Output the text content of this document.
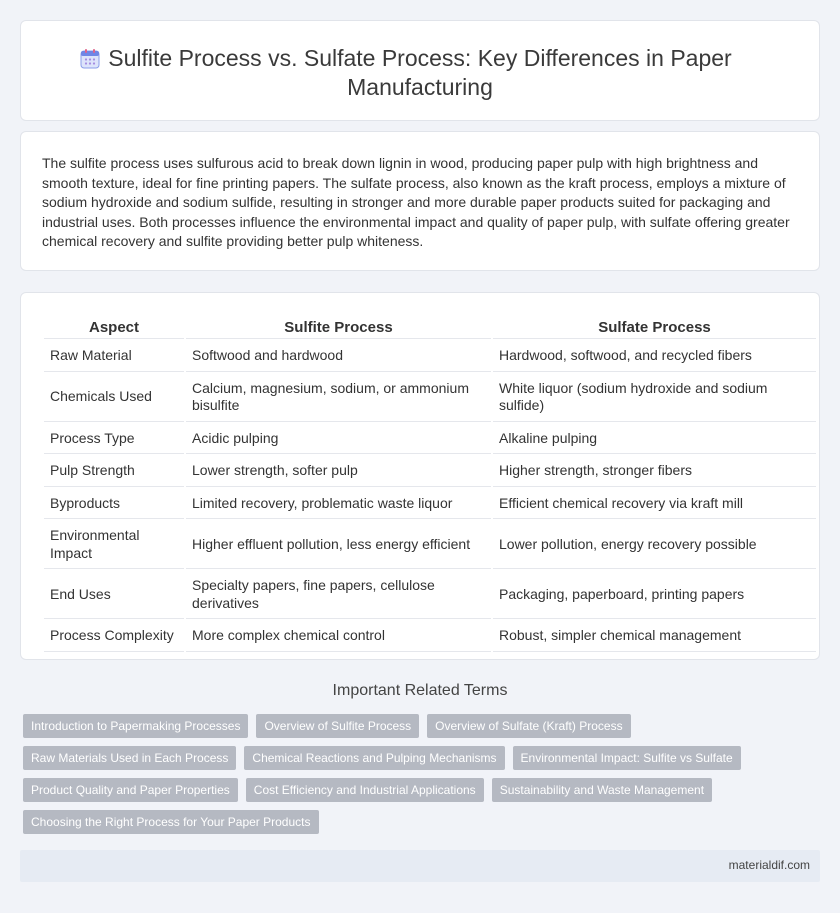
Sulfite Process vs. Sulfate Process: Key Differences in Paper Manufacturing

The sulfite process uses sulfurous acid to break down lignin in wood, producing paper pulp with high brightness and smooth texture, ideal for fine printing papers. The sulfate process, also known as the kraft process, employs a mixture of sodium hydroxide and sodium sulfide, resulting in stronger and more durable paper products suited for packaging and industrial uses. Both processes influence the environmental impact and quality of paper pulp, with sulfate offering greater chemical recovery and sulfite providing better pulp whiteness.

Aspect	Sulfite Process	Sulfate Process
Raw Material	Softwood and hardwood	Hardwood, softwood, and recycled fibers
Chemicals Used	Calcium, magnesium, sodium, or ammonium bisulfite	White liquor (sodium hydroxide and sodium sulfide)
Process Type	Acidic pulping	Alkaline pulping
Pulp Strength	Lower strength, softer pulp	Higher strength, stronger fibers
Byproducts	Limited recovery, problematic waste liquor	Efficient chemical recovery via kraft mill
Environmental Impact	Higher effluent pollution, less energy efficient	Lower pollution, energy recovery possible
End Uses	Specialty papers, fine papers, cellulose derivatives	Packaging, paperboard, printing papers
Process Complexity	More complex chemical control	Robust, simpler chemical management
Important Related Terms
Introduction to Papermaking Processes	Overview of Sulfite Process	Overview of Sulfate (Kraft) Process
Raw Materials Used in Each Process	Chemical Reactions and Pulping Mechanisms	Environmental Impact: Sulfite vs Sulfate
Product Quality and Paper Properties	Cost Efficiency and Industrial Applications	Sustainability and Waste Management
Choosing the Right Process for Your Paper Products
materialdif.com
